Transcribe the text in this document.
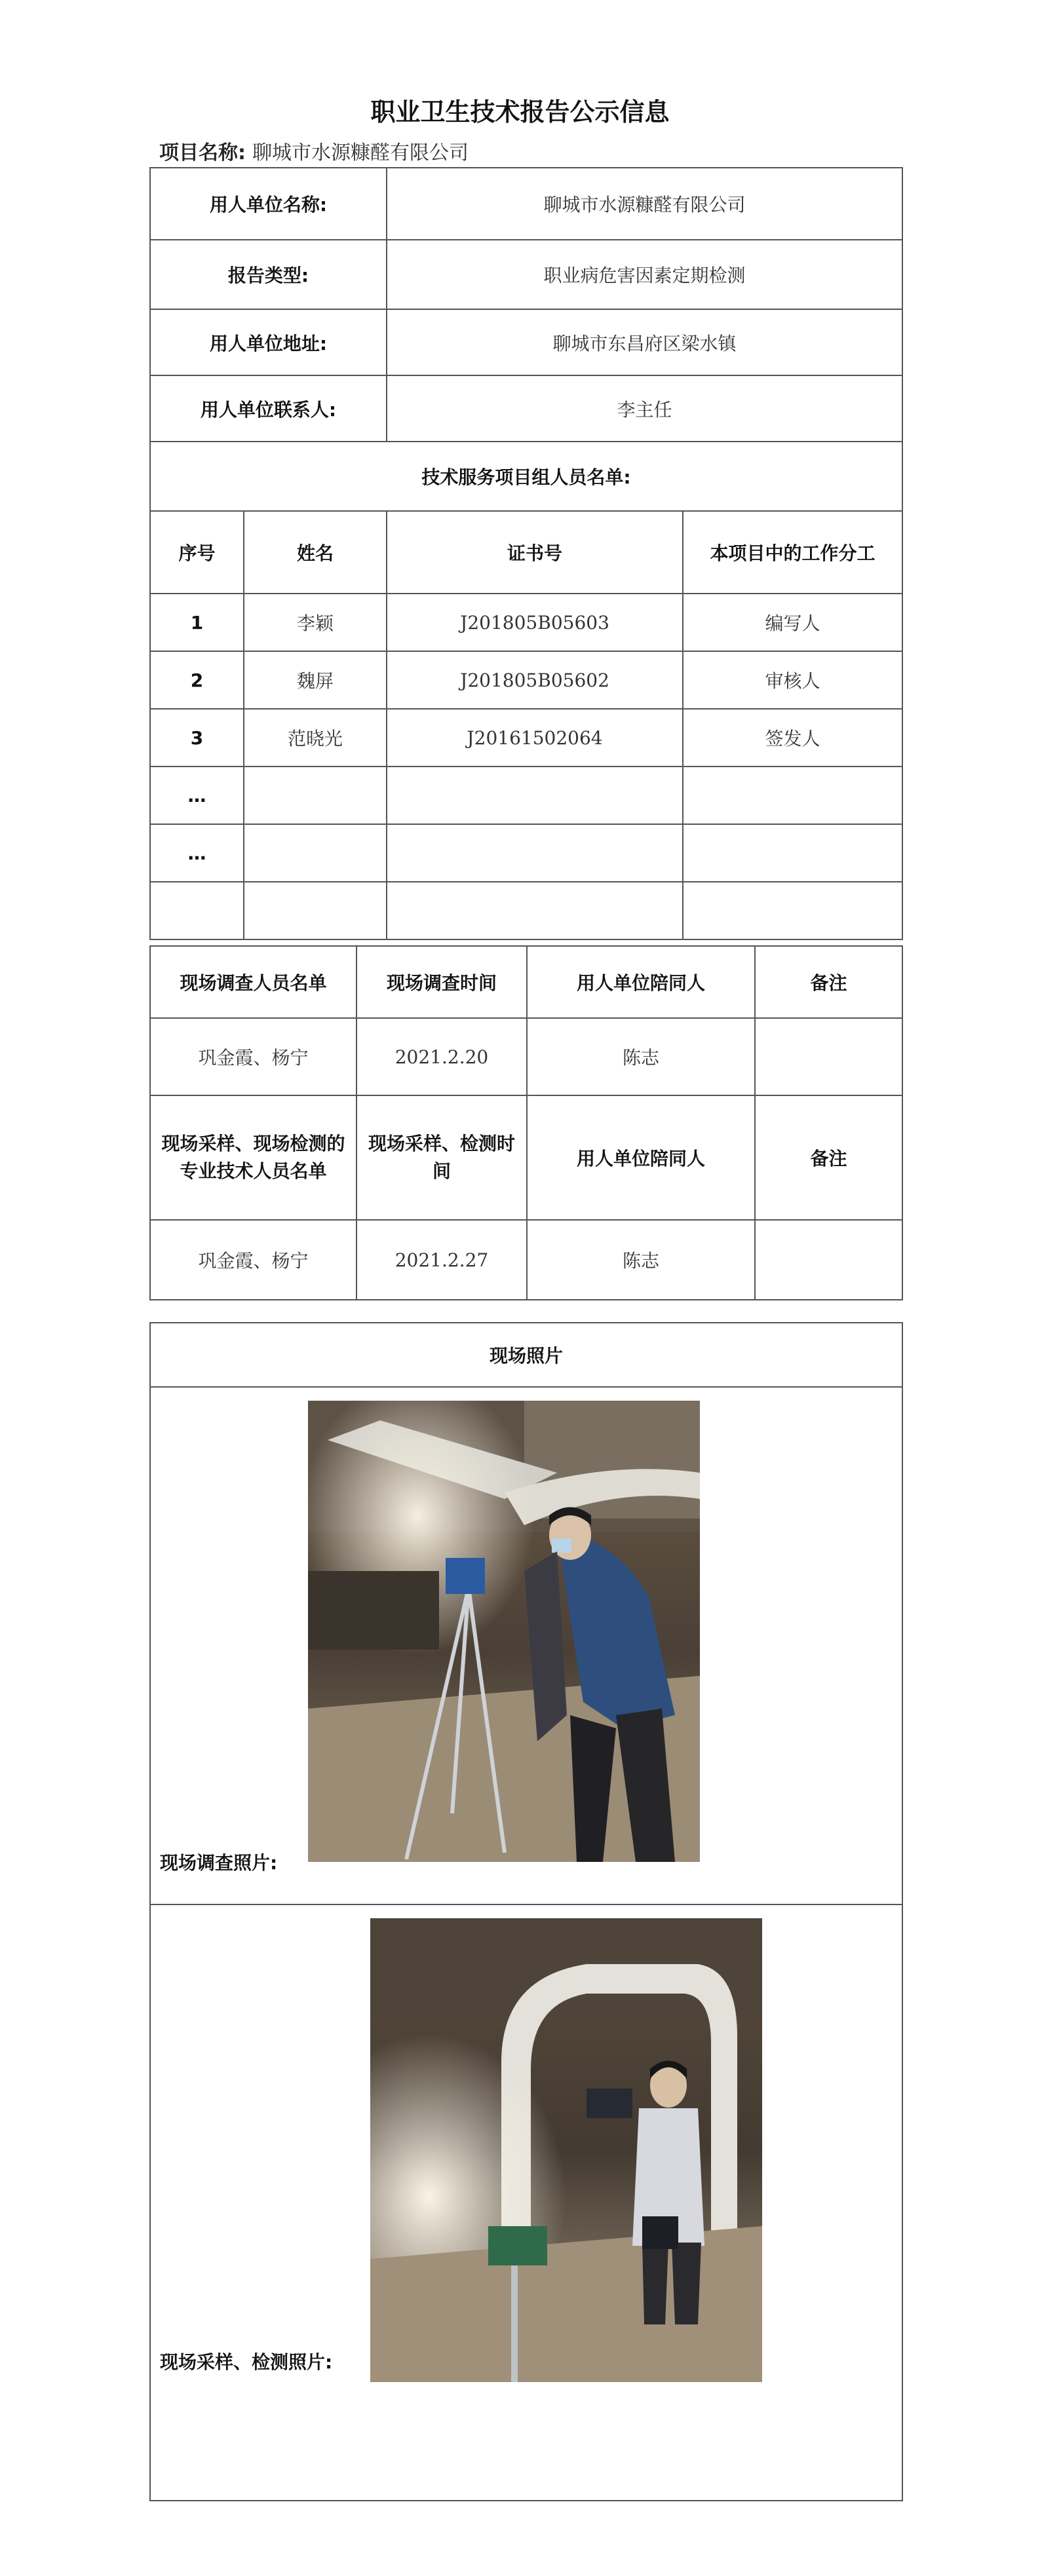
职业卫生技术报告公示信息
项目名称: 聊城市水源糠醛有限公司
用人单位名称:		聊城市水源糠醛有限公司	
报告类型:		职业病危害因素定期检测	
用人单位地址:		聊城市东昌府区梁水镇	
用人单位联系人:		李主任	
技术服务项目组人员名单:			
序号	姓名	证书号	本项目中的工作分工
1	李颖	J201805B05603	编写人
2	魏屏	J201805B05602	审核人
3	范晓光	J20161502064	签发人
…			
…			

现场调查人员名单	现场调查时间	用人单位陪同人	备注
巩金霞、杨宁	2021.2.20	陈志	
现场采样、现场检测的专业技术人员名单	现场采样、检测时间	用人单位陪同人	备注
巩金霞、杨宁	2021.2.27	陈志	
现场照片

现场调查照片:

现场采样、检测照片:
